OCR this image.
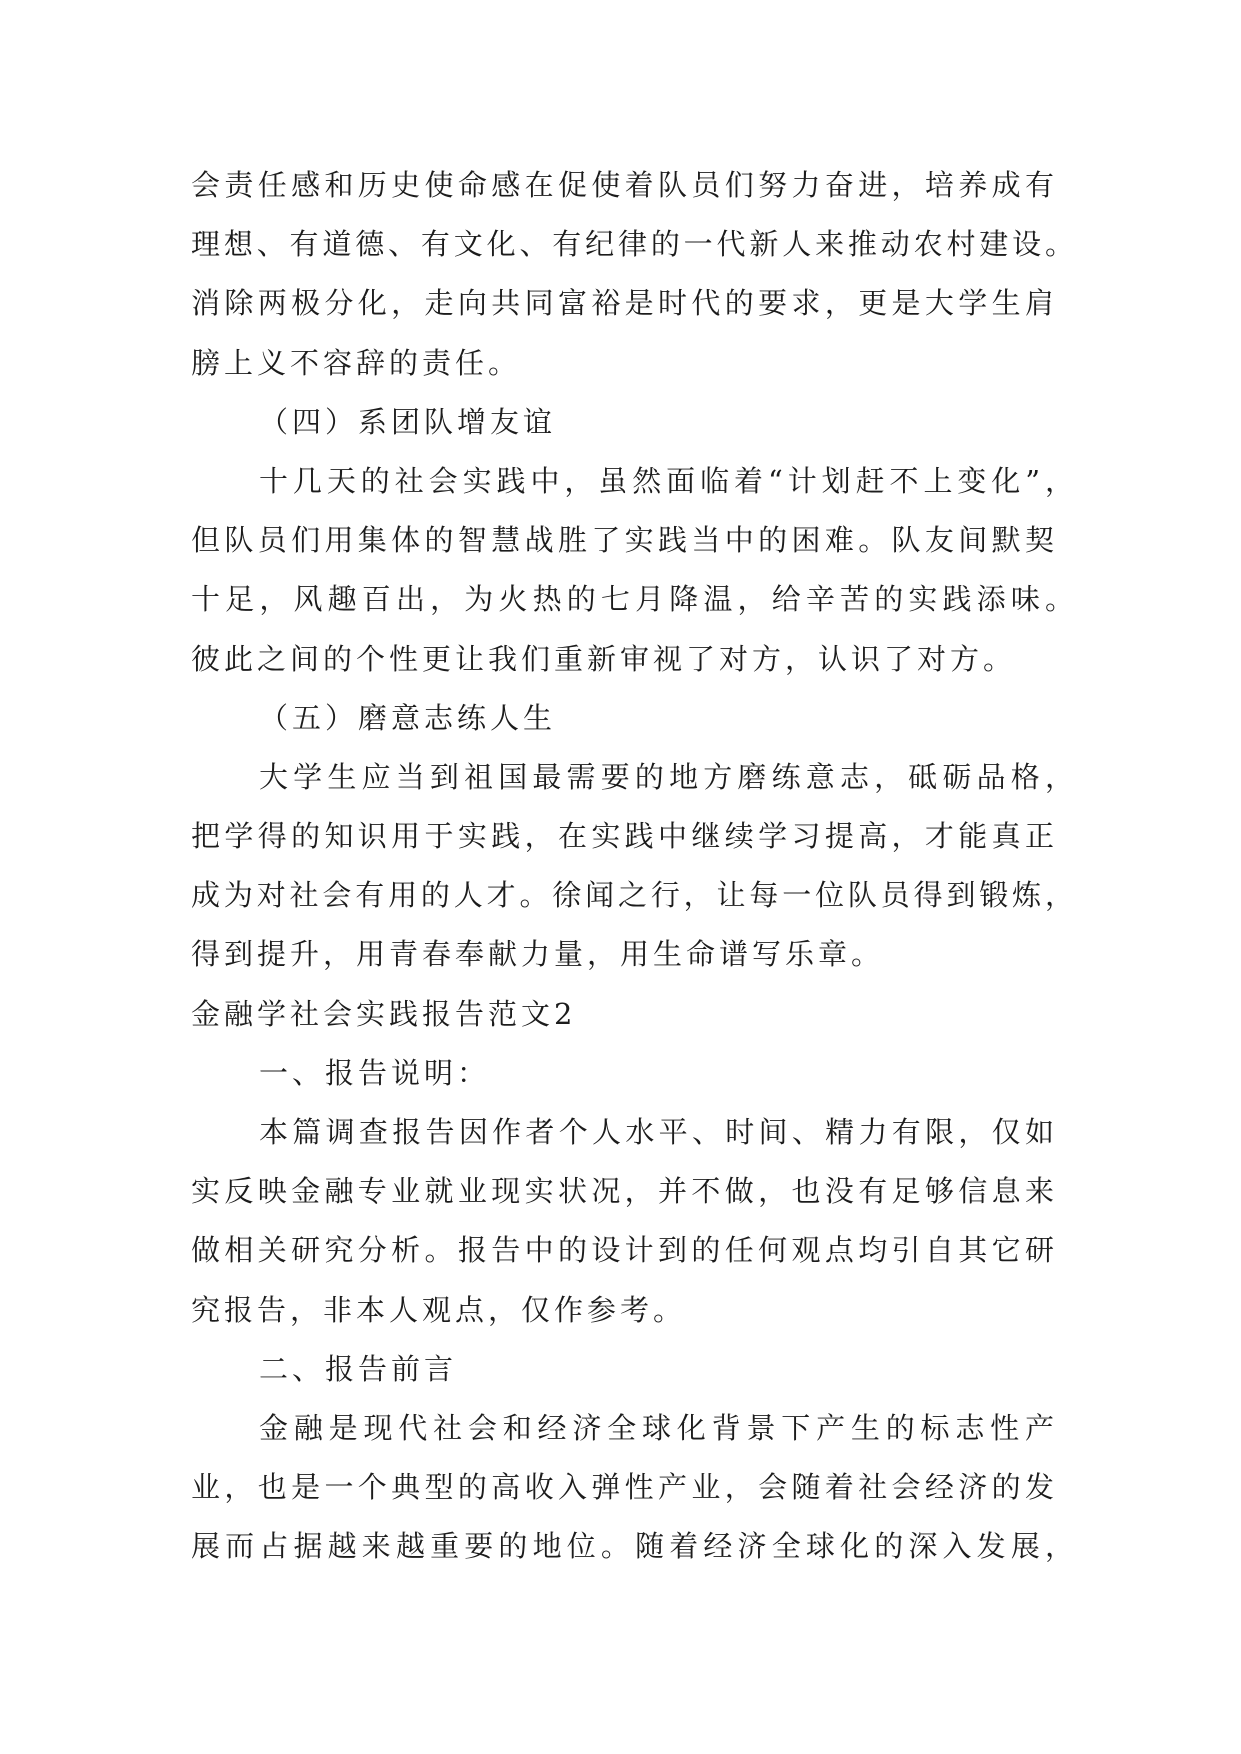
会责任感和历史使命感在促使着队员们努力奋进，培养成有
理想、有道德、有文化、有纪律的一代新人来推动农村建设。
消除两极分化，走向共同富裕是时代的要求，更是大学生肩
膀上义不容辞的责任。
（四）系团队增友谊
十几天的社会实践中，虽然面临着“计划赶不上变化”，
但队员们用集体的智慧战胜了实践当中的困难。队友间默契
十足，风趣百出，为火热的七月降温，给辛苦的实践添味。
彼此之间的个性更让我们重新审视了对方，认识了对方。
（五）磨意志练人生
大学生应当到祖国最需要的地方磨练意志，砥砺品格，
把学得的知识用于实践，在实践中继续学习提高，才能真正
成为对社会有用的人才。徐闻之行，让每一位队员得到锻炼，
得到提升，用青春奉献力量，用生命谱写乐章。
金融学社会实践报告范文2
一、报告说明：
本篇调查报告因作者个人水平、时间、精力有限，仅如
实反映金融专业就业现实状况，并不做，也没有足够信息来
做相关研究分析。报告中的设计到的任何观点均引自其它研
究报告，非本人观点，仅作参考。
二、报告前言
金融是现代社会和经济全球化背景下产生的标志性产
业，也是一个典型的高收入弹性产业，会随着社会经济的发
展而占据越来越重要的地位。随着经济全球化的深入发展，
